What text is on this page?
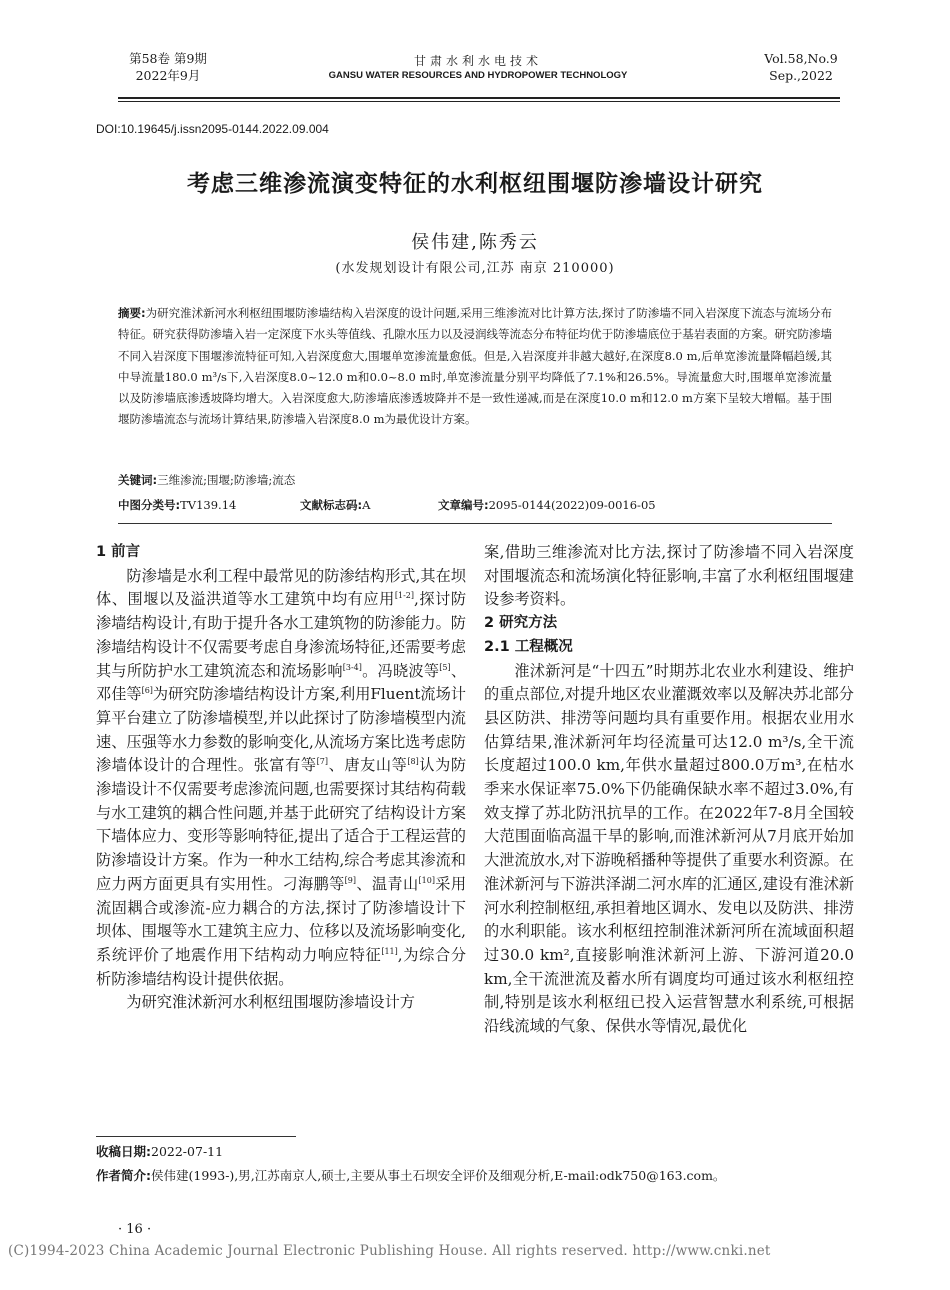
第58卷 第9期
2022年9月
甘肃水利水电技术
GANSU WATER RESOURCES AND HYDROPOWER TECHNOLOGY
Vol.58,No.9
Sep.,2022
DOI:10.19645/j.issn2095-0144.2022.09.004
考虑三维渗流演变特征的水利枢纽围堰防渗墙设计研究
侯伟建,陈秀云
(水发规划设计有限公司,江苏 南京 210000)
摘要:为研究淮沭新河水利枢纽围堰防渗墙结构入岩深度的设计问题,采用三维渗流对比计算方法,探讨了防渗墙不同入岩深度下流态与流场分布特征。研究获得防渗墙入岩一定深度下水头等值线、孔隙水压力以及浸润线等流态分布特征均优于防渗墙底位于基岩表面的方案。研究防渗墙不同入岩深度下围堰渗流特征可知,入岩深度愈大,围堰单宽渗流量愈低。但是,入岩深度并非越大越好,在深度8.0 m,后单宽渗流量降幅趋缓,其中导流量180.0 m³/s下,入岩深度8.0~12.0 m和0.0~8.0 m时,单宽渗流量分别平均降低了7.1%和26.5%。导流量愈大时,围堰单宽渗流量以及防渗墙底渗透坡降均增大。入岩深度愈大,防渗墙底渗透坡降并不是一致性递减,而是在深度10.0 m和12.0 m方案下呈较大增幅。基于围堰防渗墙流态与流场计算结果,防渗墙入岩深度8.0 m为最优设计方案。
关键词:三维渗流;围堰;防渗墙;流态
中图分类号:TV139.14	文献标志码:A	文章编号:2095-0144(2022)09-0016-05

1 前言

防渗墙是水利工程中最常见的防渗结构形式,其在坝体、围堰以及溢洪道等水工建筑中均有应用[1-2],探讨防渗墙结构设计,有助于提升各水工建筑物的防渗能力。防渗墙结构设计不仅需要考虑自身渗流场特征,还需要考虑其与所防护水工建筑流态和流场影响[3-4]。冯晓波等[5]、邓佳等[6]为研究防渗墙结构设计方案,利用Fluent流场计算平台建立了防渗墙模型,并以此探讨了防渗墙模型内流速、压强等水力参数的影响变化,从流场方案比选考虑防渗墙体设计的合理性。张富有等[7]、唐友山等[8]认为防渗墙设计不仅需要考虑渗流问题,也需要探讨其结构荷载与水工建筑的耦合性问题,并基于此研究了结构设计方案下墙体应力、变形等影响特征,提出了适合于工程运营的防渗墙设计方案。作为一种水工结构,综合考虑其渗流和应力两方面更具有实用性。刁海鹏等[9]、温青山[10]采用流固耦合或渗流-应力耦合的方法,探讨了防渗墙设计下坝体、围堰等水工建筑主应力、位移以及流场影响变化,系统评价了地震作用下结构动力响应特征[11],为综合分析防渗墙结构设计提供依据。

为研究淮沭新河水利枢纽围堰防渗墙设计方

案,借助三维渗流对比方法,探讨了防渗墙不同入岩深度对围堰流态和流场演化特征影响,丰富了水利枢纽围堰建设参考资料。

2 研究方法

2.1 工程概况

淮沭新河是“十四五”时期苏北农业水利建设、维护的重点部位,对提升地区农业灌溉效率以及解决苏北部分县区防洪、排涝等问题均具有重要作用。根据农业用水估算结果,淮沭新河年均径流量可达12.0 m³/s,全干流长度超过100.0 km,年供水量超过800.0万m³,在枯水季来水保证率75.0%下仍能确保缺水率不超过3.0%,有效支撑了苏北防汛抗旱的工作。在2022年7-8月全国较大范围面临高温干旱的影响,而淮沭新河从7月底开始加大泄流放水,对下游晚稻播种等提供了重要水利资源。在淮沭新河与下游洪泽湖二河水库的汇通区,建设有淮沭新河水利控制枢纽,承担着地区调水、发电以及防洪、排涝的水利职能。该水利枢纽控制淮沭新河所在流域面积超过30.0 km²,直接影响淮沭新河上游、下游河道20.0 km,全干流泄流及蓄水所有调度均可通过该水利枢纽控制,特别是该水利枢纽已投入运营智慧水利系统,可根据沿线流域的气象、保供水等情况,最优化

收稿日期:2022-07-11
作者简介:侯伟建(1993-),男,江苏南京人,硕士,主要从事土石坝安全评价及细观分析,E-mail:odk750@163.com。
· 16 ·
(C)1994-2023 China Academic Journal Electronic Publishing House. All rights reserved. http://www.cnki.net
